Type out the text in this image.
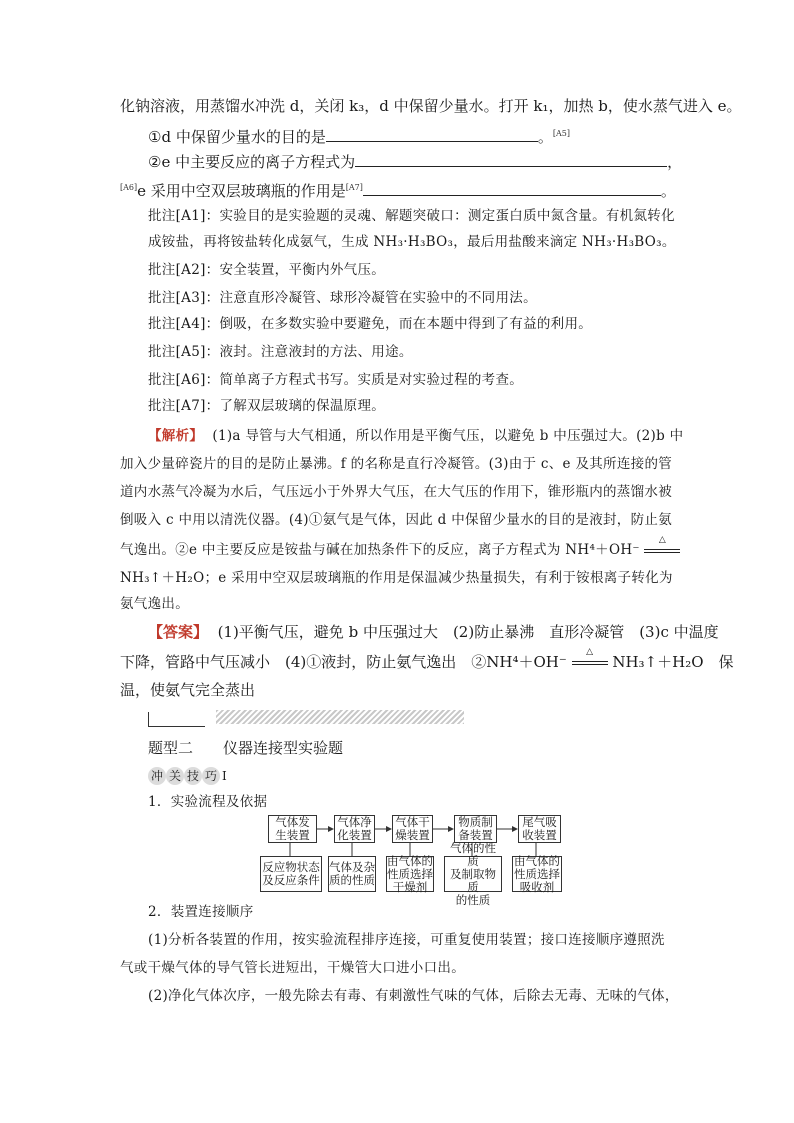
化钠溶液，用蒸馏水冲洗 d，关闭 k₃，d 中保留少量水。打开 k₁，加热 b，使水蒸气进入 e。
①d 中保留少量水的目的是	。[A5]
②e 中主要反应的离子方程式为	，
[A6]e 采用中空双层玻璃瓶的作用是[A7]	。
批注[A1]：实验目的是实验题的灵魂、解题突破口：测定蛋白质中氮含量。有机氮转化
成铵盐，再将铵盐转化成氨气，生成 NH₃·H₃BO₃，最后用盐酸来滴定 NH₃·H₃BO₃。
批注[A2]：安全装置，平衡内外气压。
批注[A3]：注意直形冷凝管、球形冷凝管在实验中的不同用法。
批注[A4]：倒吸，在多数实验中要避免，而在本题中得到了有益的利用。
批注[A5]：液封。注意液封的方法、用途。
批注[A6]：简单离子方程式书写。实质是对实验过程的考查。
批注[A7]：了解双层玻璃的保温原理。
【解析】 (1)a 导管与大气相通，所以作用是平衡气压，以避免 b 中压强过大。(2)b 中
加入少量碎瓷片的目的是防止暴沸。f 的名称是直行冷凝管。(3)由于 c、e 及其所连接的管
道内水蒸气冷凝为水后，气压远小于外界大气压，在大气压的作用下，锥形瓶内的蒸馏水被
倒吸入 c 中用以清洗仪器。(4)①氨气是气体，因此 d 中保留少量水的目的是液封，防止氨
气逸出。②e 中主要反应是铵盐与碱在加热条件下的反应，离子方程式为 NH⁴＋OH⁻
△
NH₃↑＋H₂O；e 采用中空双层玻璃瓶的作用是保温减少热量损失，有利于铵根离子转化为
氨气逸出。
【答案】 (1)平衡气压，避免 b 中压强过大　(2)防止暴沸　直形冷凝管　(3)c 中温度
下降，管路中气压减小　(4)①液封，防止氨气逸出　②NH⁴＋OH⁻
△
NH₃↑＋H₂O　保
温，使氨气完全蒸出
题型二　　仪器连接型实验题
冲 关 技 巧 I
1．实验流程及依据
气体发
生装置
气体净
化装置
气体干
燥装置
物质制
备装置
尾气吸
收装置
反应物状态
及反应条件
气体及杂
质的性质
由气体的
性质选择
干燥剂
气体的性质
及制取物质
的性质
由气体的
性质选择
吸收剂
2．装置连接顺序
(1)分析各装置的作用，按实验流程排序连接，可重复使用装置；接口连接顺序遵照洗
气或干燥气体的导气管长进短出，干燥管大口进小口出。
(2)净化气体次序，一般先除去有毒、有刺激性气味的气体，后除去无毒、无味的气体，
